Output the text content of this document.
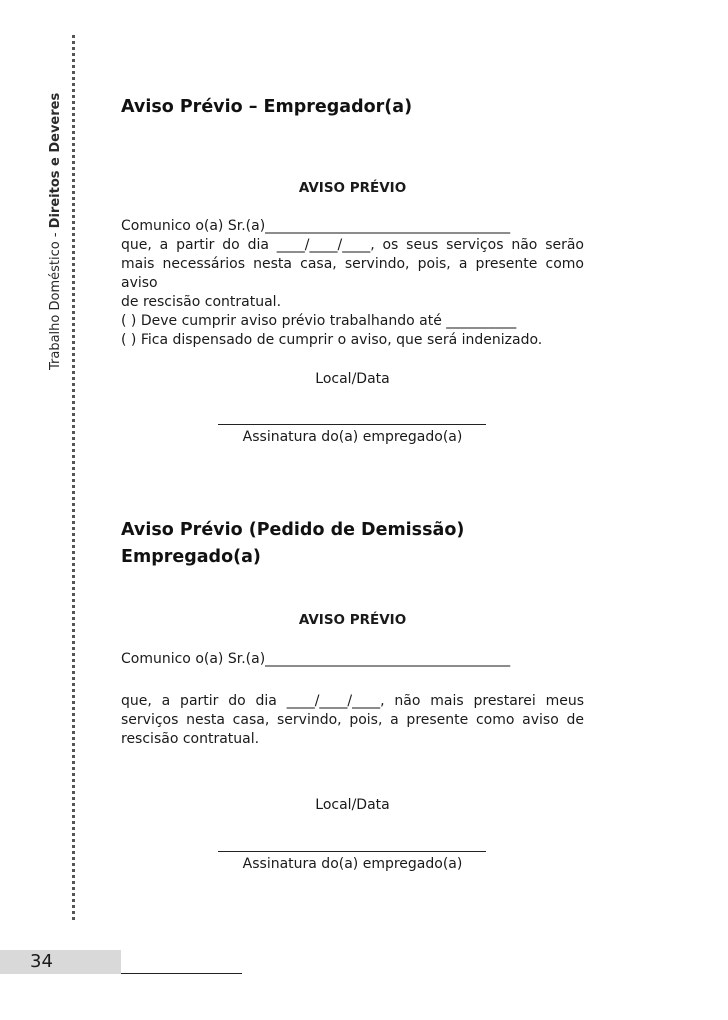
Trabalho Doméstico - Direitos e Deveres	Aviso Prévio – Empregador(a)
AVISO PRÉVIO
Comunico o(a) Sr.(a)___________________________________
que, a partir do dia ____/____/____, os seus serviços não serão
mais necessários nesta casa, servindo, pois, a presente como aviso
de rescisão contratual.
( ) Deve cumprir aviso prévio trabalhando até __________
( ) Fica dispensado de cumprir o aviso, que será indenizado.
Local/Data
Assinatura do(a) empregado(a)
Aviso Prévio (Pedido de Demissão)
Empregado(a)
AVISO PRÉVIO
Comunico o(a) Sr.(a)___________________________________
que, a partir do dia ____/____/____, não mais prestarei meus
serviços nesta casa, servindo, pois, a presente como aviso de
rescisão contratual.
Local/Data
Assinatura do(a) empregado(a)
34
